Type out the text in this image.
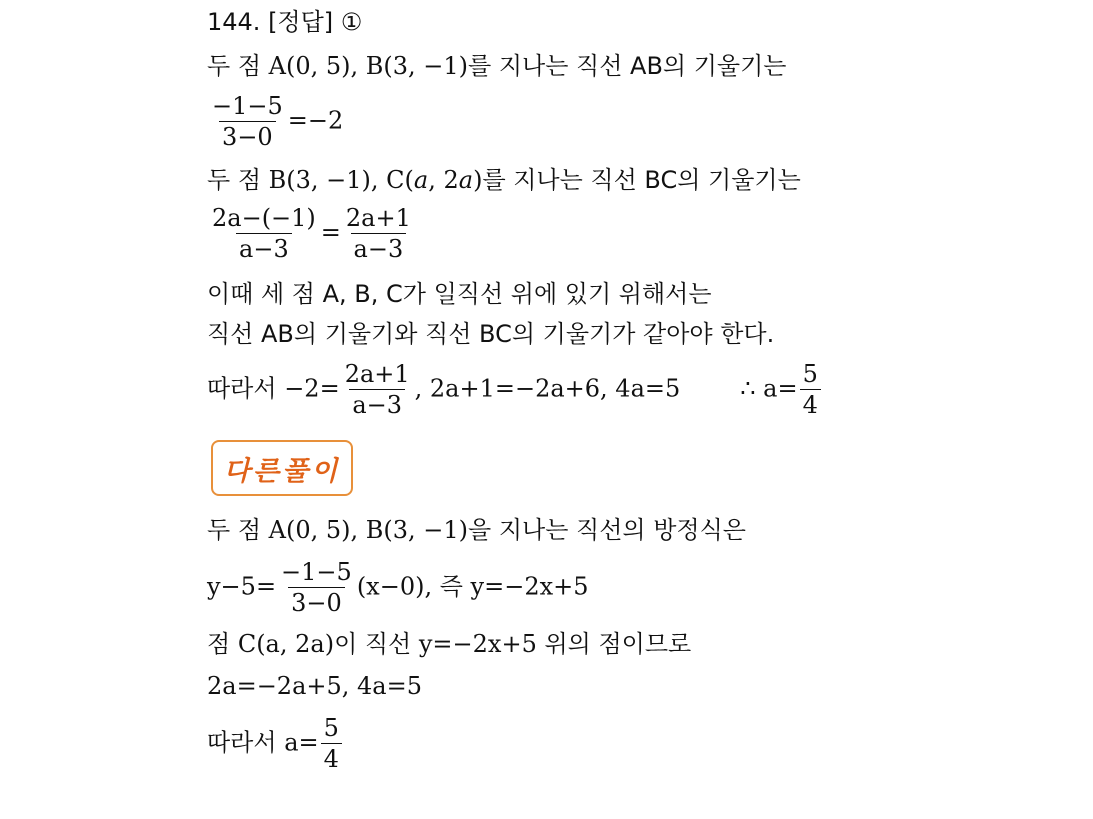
144. [정답] ①
두 점 A(0, 5), B(3, −1)를 지나는 직선 AB의 기울기는
$\frac{-1-5}{3-0} =-2$
두 점 B(3, −1), C(a, 2a)를 지나는 직선 BC의 기울기는
$\frac{2a-(-1)}{a-3} = \frac{2a+1}{a-3}$
이때 세 점 A, B, C가 일직선 위에 있기 위해서는
직선 AB의 기울기와 직선 BC의 기울기가 같아야 한다.
따라서 $-2= \frac{2a+1}{a-3}$ , 2a+1=−2a+6, 4a=5	∴ $a= \frac{5}{4}$
다른풀이
두 점 A(0, 5), B(3, −1)을 지나는 직선의 방정식은
$y-5= \frac{-1-5}{3-0} (x-0)$, 즉 y=−2x+5
점 C(a, 2a)이 직선 y=−2x+5 위의 점이므로
2a=−2a+5, 4a=5
따라서 $a= \frac{5}{4}$
